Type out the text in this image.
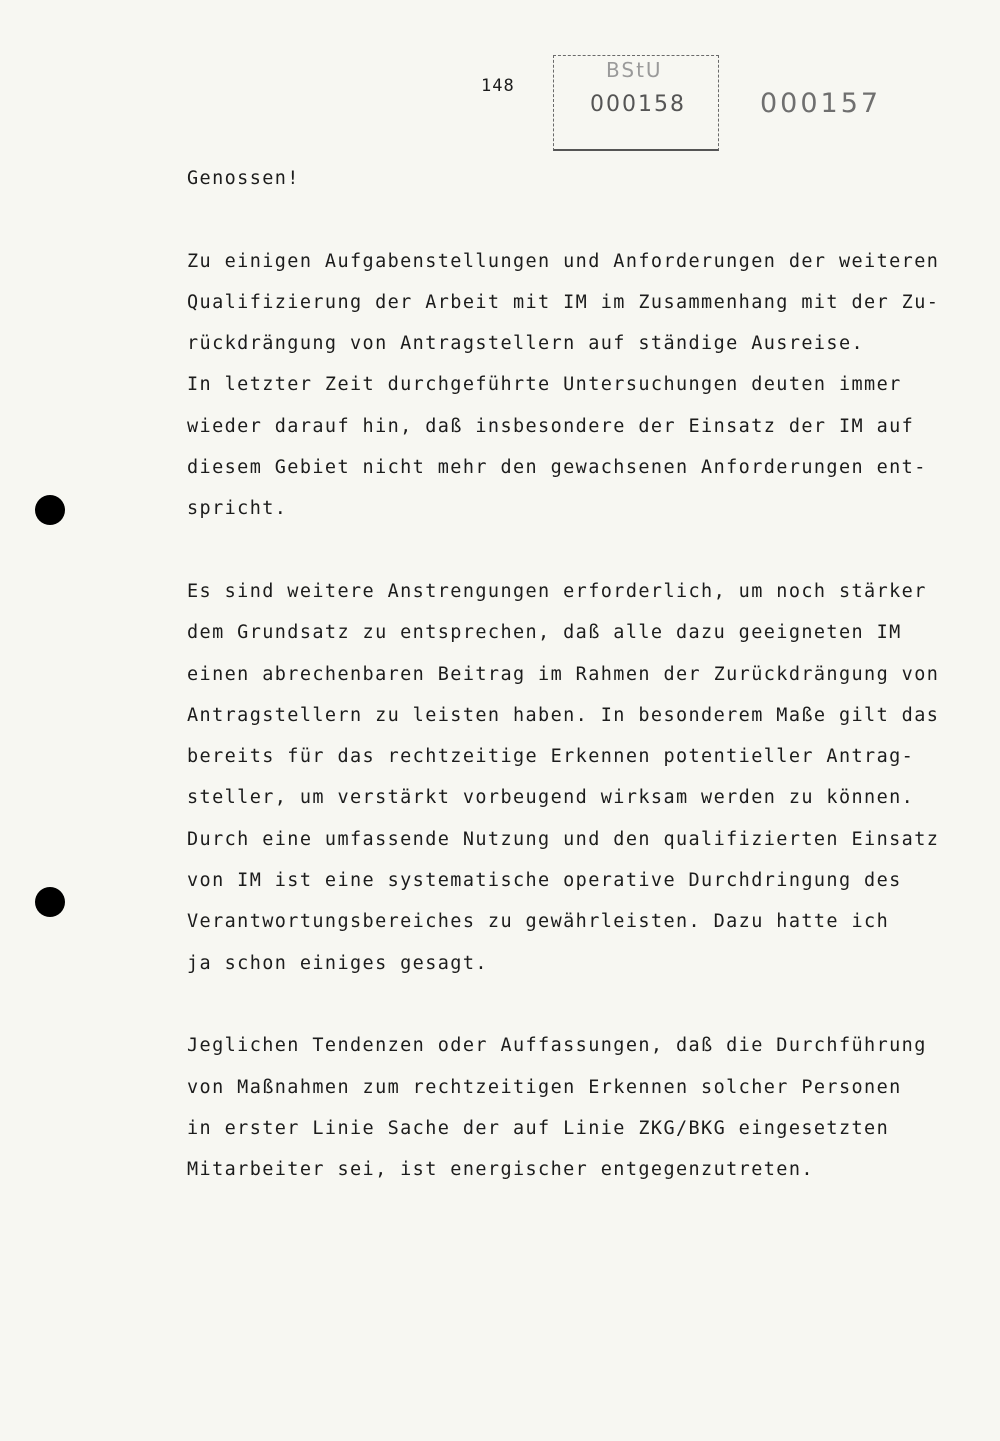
148
BStU
000158	000157
Genossen!
Zu einigen Aufgabenstellungen und Anforderungen der weiteren
Qualifizierung der Arbeit mit IM im Zusammenhang mit der Zu-
rückdrängung von Antragstellern auf ständige Ausreise.
In letzter Zeit durchgeführte Untersuchungen deuten immer
wieder darauf hin, daß insbesondere der Einsatz der IM auf
diesem Gebiet nicht mehr den gewachsenen Anforderungen ent-
spricht.
Es sind weitere Anstrengungen erforderlich, um noch stärker
dem Grundsatz zu entsprechen, daß alle dazu geeigneten IM
einen abrechenbaren Beitrag im Rahmen der Zurückdrängung von
Antragstellern zu leisten haben. In besonderem Maße gilt das
bereits für das rechtzeitige Erkennen potentieller Antrag-
steller, um verstärkt vorbeugend wirksam werden zu können.
Durch eine umfassende Nutzung und den qualifizierten Einsatz
von IM ist eine systematische operative Durchdringung des
Verantwortungsbereiches zu gewährleisten. Dazu hatte ich
ja schon einiges gesagt.
Jeglichen Tendenzen oder Auffassungen, daß die Durchführung
von Maßnahmen zum rechtzeitigen Erkennen solcher Personen
in erster Linie Sache der auf Linie ZKG/BKG eingesetzten
Mitarbeiter sei, ist energischer entgegenzutreten.
